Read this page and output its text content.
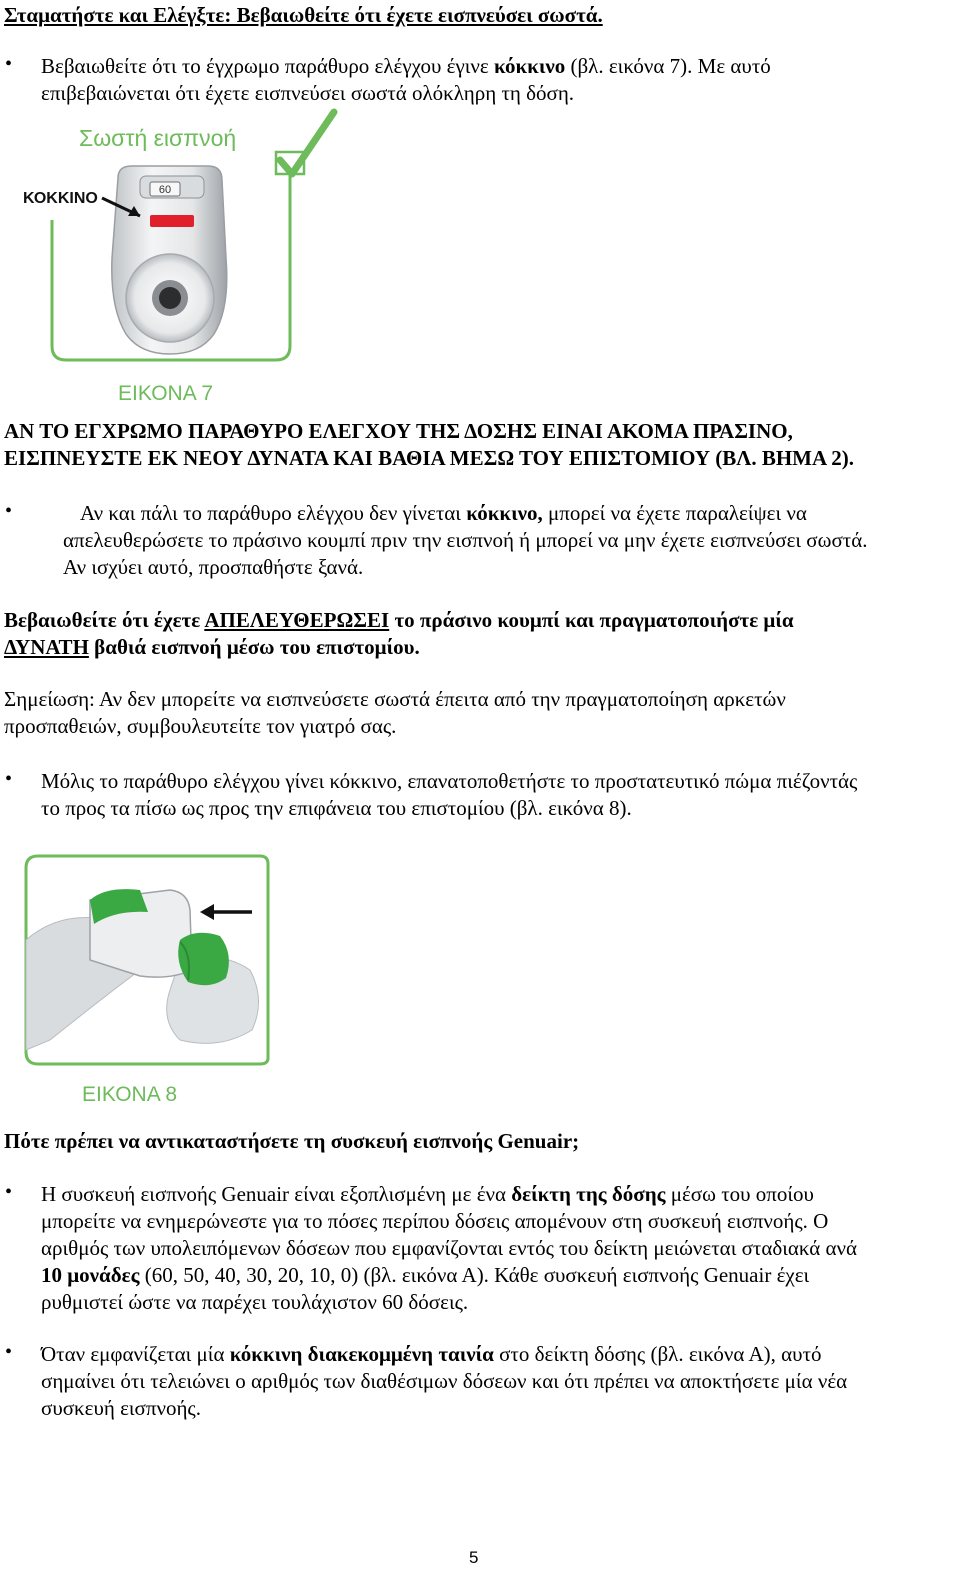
Σταματήστε και Ελέγξτε: Βεβαιωθείτε ότι έχετε εισπνεύσει σωστά.
• Βεβαιωθείτε ότι το έγχρωμο παράθυρο ελέγχου έγινε κόκκινο (βλ. εικόνα 7). Με αυτό
επιβεβαιώνεται ότι έχετε εισπνεύσει σωστά ολόκληρη τη δόση.
60
Σωστή εισπνοή
ΚΟΚΚΙΝΟ
ΕΙΚΟΝΑ 7
ΑΝ ΤΟ ΕΓΧΡΩΜΟ ΠΑΡΑΘΥΡΟ ΕΛΕΓΧΟΥ ΤΗΣ ΔΟΣΗΣ ΕΙΝΑΙ ΑΚΟΜΑ ΠΡΑΣΙΝΟ,
ΕΙΣΠΝΕΥΣΤΕ ΕΚ ΝΕΟΥ ΔΥΝΑΤΑ ΚΑΙ ΒΑΘΙΑ ΜΕΣΩ ΤΟΥ ΕΠΙΣΤΟΜΙΟΥ (ΒΛ. ΒΗΜΑ 2).
•	Αν και πάλι το παράθυρο ελέγχου δεν γίνεται κόκκινο, μπορεί να έχετε παραλείψει να
απελευθερώσετε το πράσινο κουμπί πριν την εισπνοή ή μπορεί να μην έχετε εισπνεύσει σωστά.
Αν ισχύει αυτό, προσπαθήστε ξανά.
Βεβαιωθείτε ότι έχετε ΑΠΕΛΕΥΘΕΡΩΣΕΙ το πράσινο κουμπί και πραγματοποιήστε μία
ΔΥΝΑΤΗ βαθιά εισπνοή μέσω του επιστομίου.
Σημείωση: Αν δεν μπορείτε να εισπνεύσετε σωστά έπειτα από την πραγματοποίηση αρκετών
προσπαθειών, συμβουλευτείτε τον γιατρό σας.
• Μόλις το παράθυρο ελέγχου γίνει κόκκινο, επανατοποθετήστε το προστατευτικό πώμα πιέζοντάς
το προς τα πίσω ως προς την επιφάνεια του επιστομίου (βλ. εικόνα 8).
ΕΙΚΟΝΑ 8
Πότε πρέπει να αντικαταστήσετε τη συσκευή εισπνοής Genuair;
• Η συσκευή εισπνοής Genuair είναι εξοπλισμένη με ένα δείκτη της δόσης μέσω του οποίου
μπορείτε να ενημερώνεστε για το πόσες περίπου δόσεις απομένουν στη συσκευή εισπνοής. Ο
αριθμός των υπολειπόμενων δόσεων που εμφανίζονται εντός του δείκτη μειώνεται σταδιακά ανά
10 μονάδες (60, 50, 40, 30, 20, 10, 0) (βλ. εικόνα Α). Κάθε συσκευή εισπνοής Genuair έχει
ρυθμιστεί ώστε να παρέχει τουλάχιστον 60 δόσεις.
• Όταν εμφανίζεται μία κόκκινη διακεκομμένη ταινία στο δείκτη δόσης (βλ. εικόνα Α), αυτό
σημαίνει ότι τελειώνει ο αριθμός των διαθέσιμων δόσεων και ότι πρέπει να αποκτήσετε μία νέα
συσκευή εισπνοής.
5
